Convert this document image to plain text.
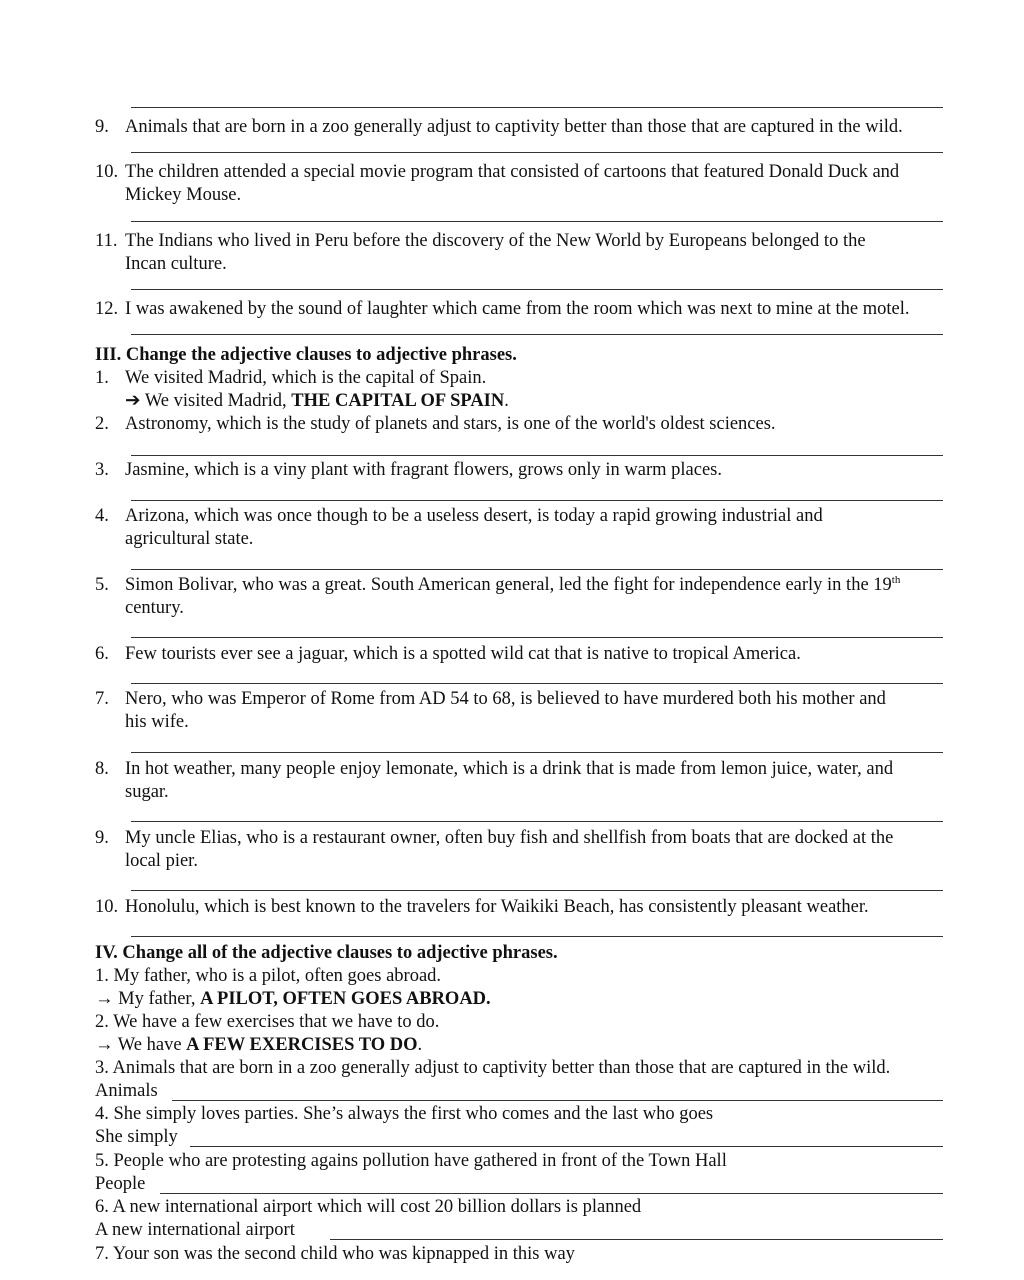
9. Animals that are born in a zoo generally adjust to captivity better than those that are captured in the wild.
10. The children attended a special movie program that consisted of cartoons that featured Donald Duck and
Mickey Mouse.
11. The Indians who lived in Peru before the discovery of the New World by Europeans belonged to the
Incan culture.
12. I was awakened by the sound of laughter which came from the room which was next to mine at the motel.
III. Change the adjective clauses to adjective phrases.
1. We visited Madrid, which is the capital of Spain.
➔ We visited Madrid, THE CAPITAL OF SPAIN.
2. Astronomy, which is the study of planets and stars, is one of the world's oldest sciences.
3. Jasmine, which is a viny plant with fragrant flowers, grows only in warm places.
4. Arizona, which was once though to be a useless desert, is today a rapid growing industrial and
agricultural state.
5. Simon Bolivar, who was a great. South American general, led the fight for independence early in the 19th
century.
6. Few tourists ever see a jaguar, which is a spotted wild cat that is native to tropical America.
7. Nero, who was Emperor of Rome from AD 54 to 68, is believed to have murdered both his mother and
his wife.
8. In hot weather, many people enjoy lemonate, which is a drink that is made from lemon juice, water, and
sugar.
9. My uncle Elias, who is a restaurant owner, often buy fish and shellfish from boats that are docked at the
local pier.
10. Honolulu, which is best known to the travelers for Waikiki Beach, has consistently pleasant weather.
IV. Change all of the adjective clauses to adjective phrases.
1. My father, who is a pilot, often goes abroad.
→ My father, A PILOT, OFTEN GOES ABROAD.
2. We have a few exercises that we have to do.
→ We have A FEW EXERCISES TO DO.
3. Animals that are born in a zoo generally adjust to captivity better than those that are captured in the wild.
Animals
4. She simply loves parties. She’s always the first who comes and the last who goes
She simply
5. People who are protesting agains pollution have gathered in front of the Town Hall
People
6. A new international airport which will cost 20 billion dollars is planned
A new international airport
7. Your son was the second child who was kipnapped in this way
